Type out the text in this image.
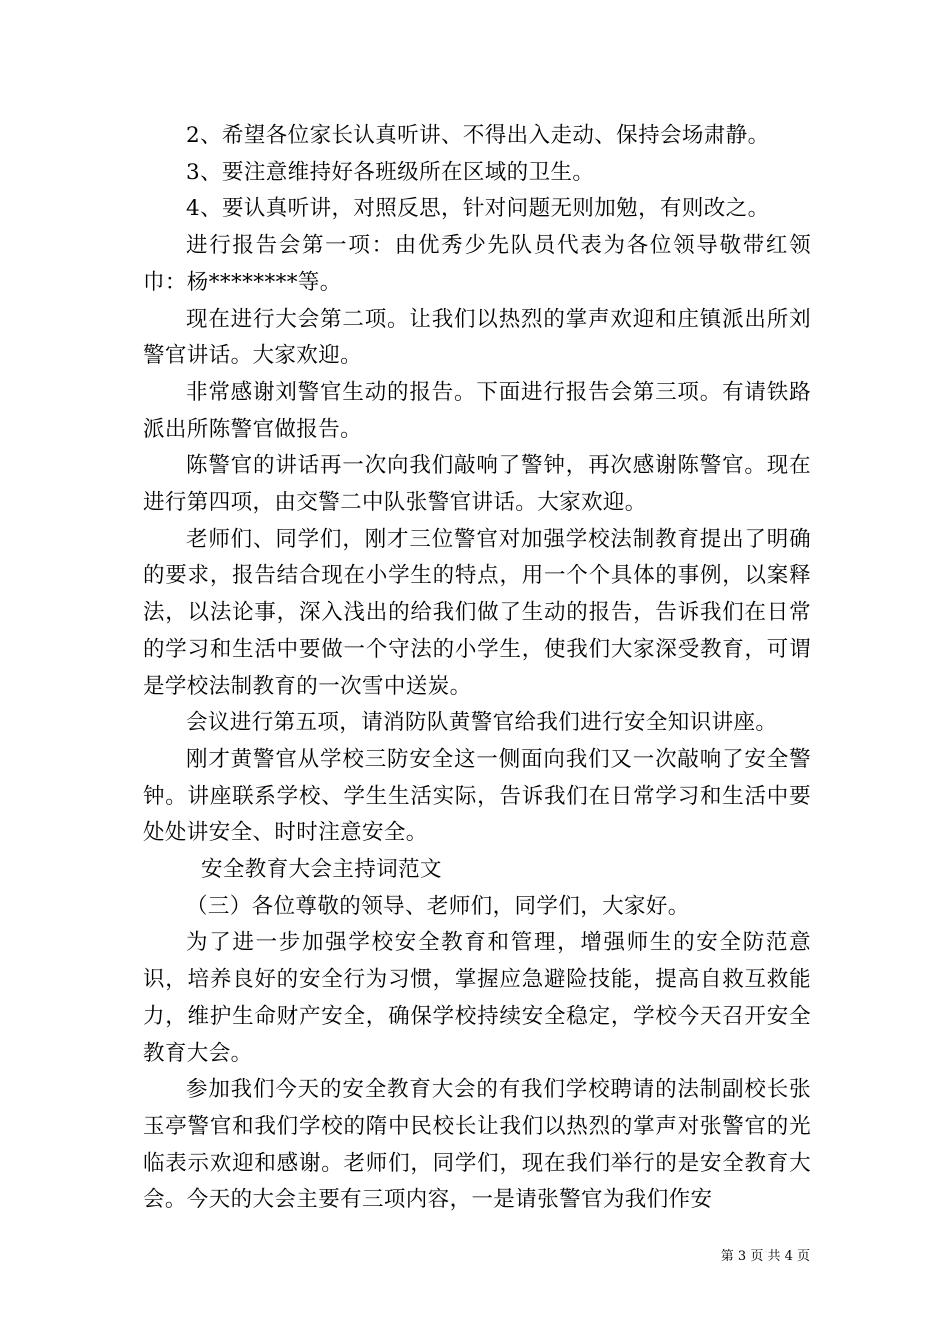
2、希望各位家长认真听讲、不得出入走动、保持会场肃静。

3、要注意维持好各班级所在区域的卫生。

4、要认真听讲，对照反思，针对问题无则加勉，有则改之。

进行报告会第一项：由优秀少先队员代表为各位领导敬带红领巾：杨********等。

现在进行大会第二项。让我们以热烈的掌声欢迎和庄镇派出所刘警官讲话。大家欢迎。

非常感谢刘警官生动的报告。下面进行报告会第三项。有请铁路派出所陈警官做报告。

陈警官的讲话再一次向我们敲响了警钟，再次感谢陈警官。现在进行第四项，由交警二中队张警官讲话。大家欢迎。

老师们、同学们，刚才三位警官对加强学校法制教育提出了明确的要求，报告结合现在小学生的特点，用一个个具体的事例，以案释法，以法论事，深入浅出的给我们做了生动的报告，告诉我们在日常的学习和生活中要做一个守法的小学生，使我们大家深受教育，可谓是学校法制教育的一次雪中送炭。

会议进行第五项，请消防队黄警官给我们进行安全知识讲座。

刚才黄警官从学校三防安全这一侧面向我们又一次敲响了安全警钟。讲座联系学校、学生生活实际，告诉我们在日常学习和生活中要处处讲安全、时时注意安全。

安全教育大会主持词范文

（三）各位尊敬的领导、老师们，同学们，大家好。

为了进一步加强学校安全教育和管理，增强师生的安全防范意识，培养良好的安全行为习惯，掌握应急避险技能，提高自救互救能力，维护生命财产安全，确保学校持续安全稳定，学校今天召开安全教育大会。

参加我们今天的安全教育大会的有我们学校聘请的法制副校长张玉亭警官和我们学校的隋中民校长让我们以热烈的掌声对张警官的光临表示欢迎和感谢。老师们，同学们，现在我们举行的是安全教育大会。今天的大会主要有三项内容，一是请张警官为我们作安

第 3 页 共 4 页
